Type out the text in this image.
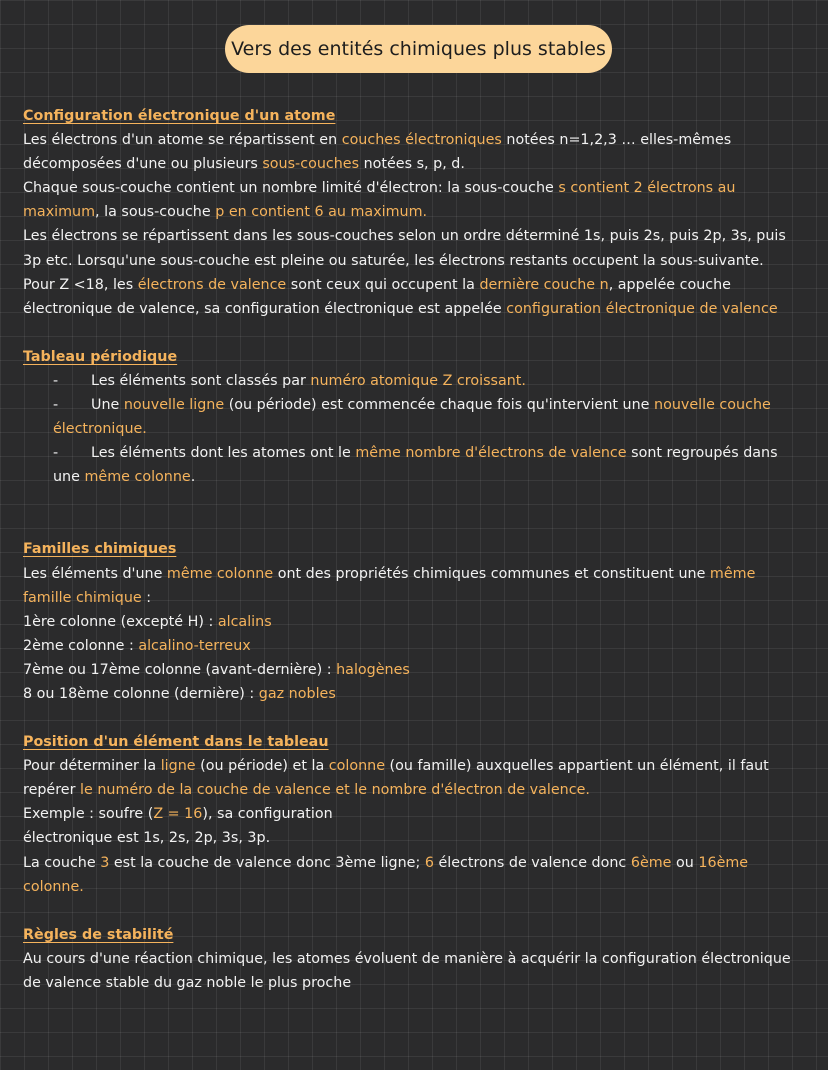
Vers des entités chimiques plus stables
Configuration électronique d'un atome

Les électrons d'un atome se répartissent en couches électroniques notées n=1,2,3 … elles-mêmes décomposées d'une ou plusieurs sous-couches notées s, p, d.

Chaque sous-couche contient un nombre limité d'électron: la sous-couche s contient 2 électrons au maximum, la sous-couche p en contient 6 au maximum.

Les électrons se répartissent dans les sous-couches selon un ordre déterminé 1s, puis 2s, puis 2p, 3s, puis 3p etc. Lorsqu'une sous-couche est pleine ou saturée, les électrons restants occupent la sous-suivante.

Pour Z <18, les électrons de valence sont ceux qui occupent la dernière couche n, appelée couche électronique de valence, sa configuration électronique est appelée configuration électronique de valence

Tableau périodique
-	Les éléments sont classés par numéro atomique Z croissant.
-	Une nouvelle ligne (ou période) est commencée chaque fois qu'intervient une nouvelle couche électronique.
-	Les éléments dont les atomes ont le même nombre d'électrons de valence sont regroupés dans une même colonne.
Familles chimiques

Les éléments d'une même colonne ont des propriétés chimiques communes et constituent une même famille chimique :

1ère colonne (excepté H) : alcalins

2ème colonne : alcalino-terreux

7ème ou 17ème colonne (avant-dernière) : halogènes

8 ou 18ème colonne (dernière) : gaz nobles

Position d'un élément dans le tableau

Pour déterminer la ligne (ou période) et la colonne (ou famille) auxquelles appartient un élément, il faut repérer le numéro de la couche de valence et le nombre d'électron de valence.

Exemple : soufre (Z = 16), sa configuration

électronique est 1s, 2s, 2p, 3s, 3p.

La couche 3 est la couche de valence donc 3ème ligne; 6 électrons de valence donc 6ème ou 16ème colonne.

Règles de stabilité

Au cours d'une réaction chimique, les atomes évoluent de manière à acquérir la configuration électronique de valence stable du gaz noble le plus proche
